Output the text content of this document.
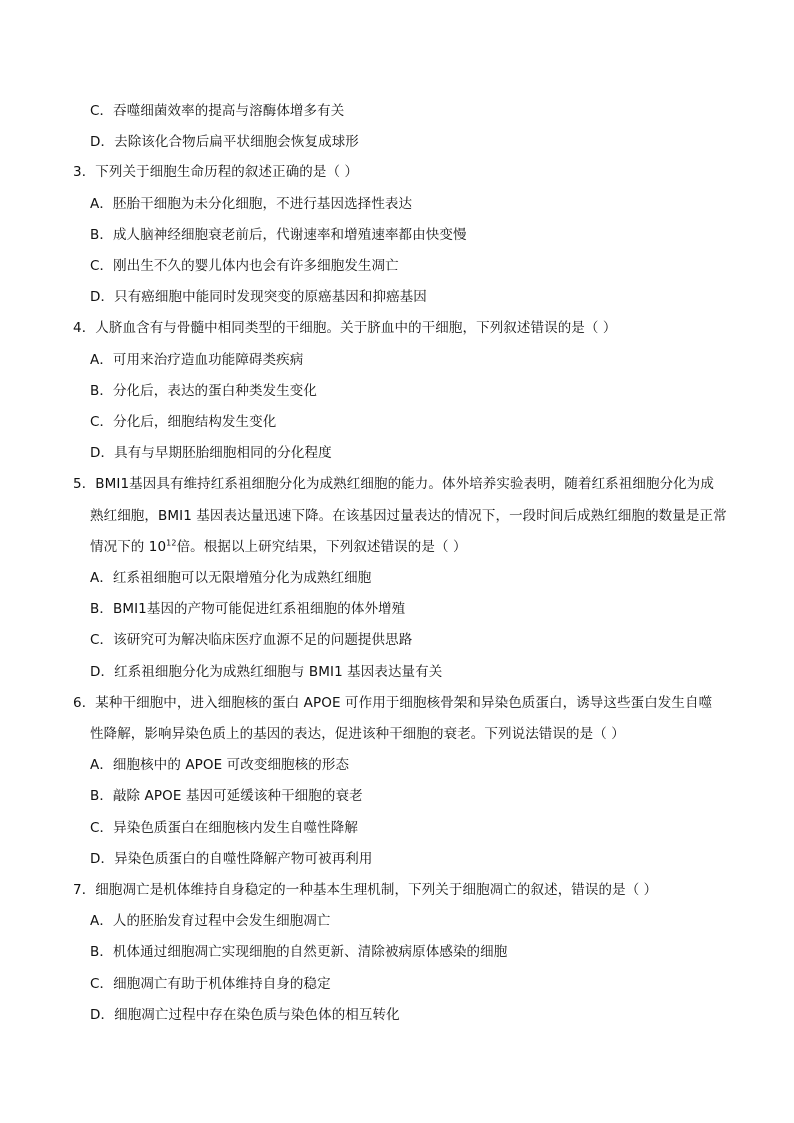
C．吞噬细菌效率的提高与溶酶体增多有关
D．去除该化合物后扁平状细胞会恢复成球形
3．下列关于细胞生命历程的叙述正确的是（ ）
A．胚胎干细胞为未分化细胞，不进行基因选择性表达
B．成人脑神经细胞衰老前后，代谢速率和增殖速率都由快变慢
C．刚出生不久的婴儿体内也会有许多细胞发生凋亡
D．只有癌细胞中能同时发现突变的原癌基因和抑癌基因
4．人脐血含有与骨髓中相同类型的干细胞。关于脐血中的干细胞，下列叙述错误的是（ ）
A．可用来治疗造血功能障碍类疾病
B．分化后，表达的蛋白种类发生变化
C．分化后，细胞结构发生变化
D．具有与早期胚胎细胞相同的分化程度
5．BMI1基因具有维持红系祖细胞分化为成熟红细胞的能力。体外培养实验表明，随着红系祖细胞分化为成
熟红细胞，BMI1 基因表达量迅速下降。在该基因过量表达的情况下，一段时间后成熟红细胞的数量是正常
情况下的 $10^{12}$倍。根据以上研究结果，下列叙述错误的是（ ）
A．红系祖细胞可以无限增殖分化为成熟红细胞
B．BMI1基因的产物可能促进红系祖细胞的体外增殖
C．该研究可为解决临床医疗血源不足的问题提供思路
D．红系祖细胞分化为成熟红细胞与 BMI1 基因表达量有关
6．某种干细胞中，进入细胞核的蛋白 APOE 可作用于细胞核骨架和异染色质蛋白，诱导这些蛋白发生自噬
性降解，影响异染色质上的基因的表达，促进该种干细胞的衰老。下列说法错误的是（ ）
A．细胞核中的 APOE 可改变细胞核的形态
B．敲除 APOE 基因可延缓该种干细胞的衰老
C．异染色质蛋白在细胞核内发生自噬性降解
D．异染色质蛋白的自噬性降解产物可被再利用
7．细胞凋亡是机体维持自身稳定的一种基本生理机制，下列关于细胞凋亡的叙述，错误的是（ ）
A．人的胚胎发育过程中会发生细胞凋亡
B．机体通过细胞凋亡实现细胞的自然更新、清除被病原体感染的细胞
C．细胞凋亡有助于机体维持自身的稳定
D．细胞凋亡过程中存在染色质与染色体的相互转化
